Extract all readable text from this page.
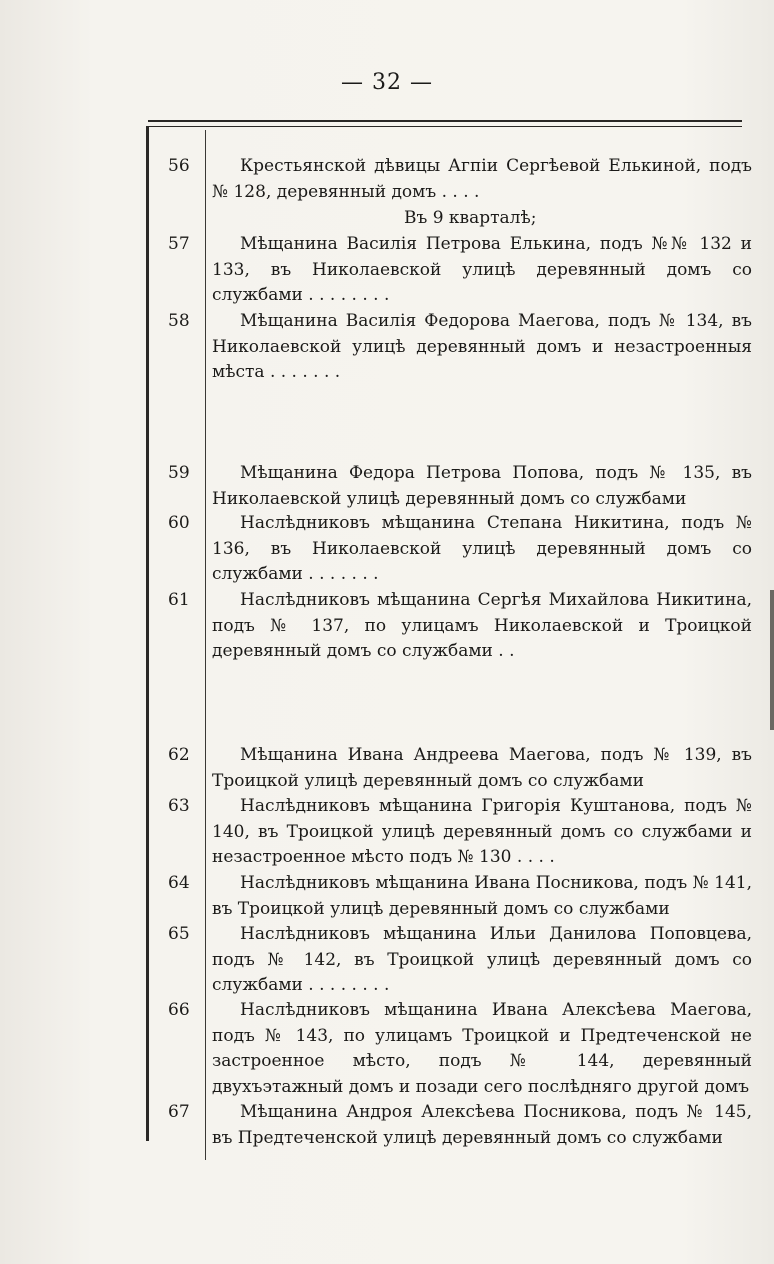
— 32 —
56	Крестьянской дѣвицы Агпіи Сергѣевой Елькиной, подъ № 128, деревянный домъ . . . .
Въ 9 кварталѣ;
57	Мѣщанина Василія Петрова Елькина, подъ №№ 132 и 133, въ Николаевской улицѣ деревянный домъ со службами . . . . . . . .
58	Мѣщанина Василія Федорова Маегова, подъ № 134, въ Николаевской улицѣ деревянный домъ и незастроенныя мѣста . . . . . . .
59	Мѣщанина Федора Петрова Попова, подъ № 135, въ Николаевской улицѣ деревянный домъ со службами
60	Наслѣдниковъ мѣщанина Степана Никитина, подъ № 136, въ Николаевской улицѣ деревянный домъ со службами . . . . . . .
61	Наслѣдниковъ мѣщанина Сергѣя Михайлова Никитина, подъ № 137, по улицамъ Николаевской и Троицкой деревянный домъ со службами . .
62	Мѣщанина Ивана Андреева Маегова, подъ № 139, въ Троицкой улицѣ деревянный домъ со службами
63	Наслѣдниковъ мѣщанина Григорія Куштанова, подъ № 140, въ Троицкой улицѣ деревянный домъ со службами и незастроенное мѣсто подъ № 130 . . . .
64	Наслѣдниковъ мѣщанина Ивана Посникова, подъ № 141, въ Троицкой улицѣ деревянный домъ со службами
65	Наслѣдниковъ мѣщанина Ильи Данилова Поповцева, подъ № 142, въ Троицкой улицѣ деревянный домъ со службами . . . . . . . .
66	Наслѣдниковъ мѣщанина Ивана Алексѣева Маегова, подъ № 143, по улицамъ Троицкой и Предтеченской не застроенное мѣсто, подъ № 144, деревянный двухъэтажный домъ и позади сего послѣдняго другой домъ
67	Мѣщанина Андроя Алексѣева Посникова, подъ № 145, въ Предтеченской улицѣ деревянный домъ со службами
